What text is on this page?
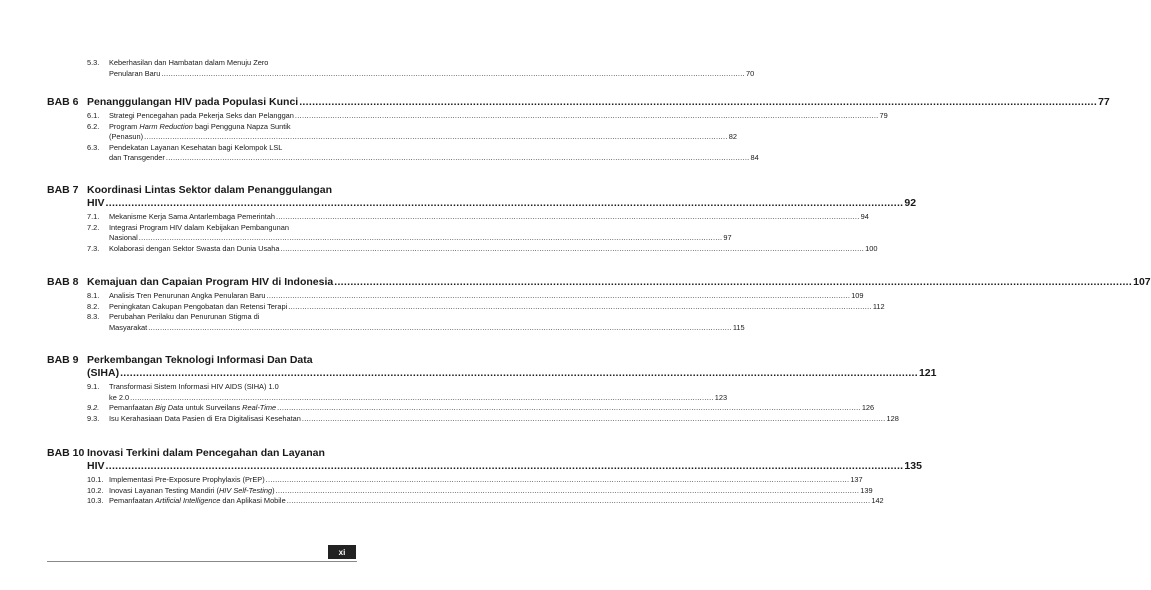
5.3.	Keberhasilan dan Hambatan dalam Menuju Zero
Penularan Baru .....	70
BAB 6 Penanggulangan HIV pada Populasi Kunci .....	77
6.1.	Strategi Pencegahan pada Pekerja Seks dan Pelanggan .....	79
6.2.	Program Harm Reduction bagi Pengguna Napza Suntik
(Penasun) .....	82
6.3.	Pendekatan Layanan Kesehatan bagi Kelompok LSL
dan Transgender .....	84
BAB 7 Koordinasi Lintas Sektor dalam Penanggulangan
HIV .....	92
7.1.	Mekanisme Kerja Sama Antarlembaga Pemerintah .....	94
7.2.	Integrasi Program HIV dalam Kebijakan Pembangunan
Nasional .....	97
7.3.	Kolaborasi dengan Sektor Swasta dan Dunia Usaha .....	100
BAB 8 Kemajuan dan Capaian Program HIV di Indonesia .....	107
8.1.	Analisis Tren Penurunan Angka Penularan Baru .....	109
8.2.	Peningkatan Cakupan Pengobatan dan Retensi Terapi .....	112
8.3.	Perubahan Perilaku dan Penurunan Stigma di
Masyarakat .....	115
BAB 9 Perkembangan Teknologi Informasi Dan Data
(SIHA) .....	121
9.1.	Transformasi Sistem Informasi HIV AIDS (SIHA) 1.0
ke 2.0 .....	123
9.2.	Pemanfaatan Big Data untuk Surveilans Real-Time .....	126
9.3.	Isu Kerahasiaan Data Pasien di Era Digitalisasi Kesehatan .....	128
BAB 10 Inovasi Terkini dalam Pencegahan dan Layanan
HIV .....	135
10.1. Implementasi Pre-Exposure Prophylaxis (PrEP) .....	137
10.2. Inovasi Layanan Testing Mandiri (HIV Self-Testing) .....	139
10.3. Pemanfaatan Artificial Intelligence dan Aplikasi Mobile .....	142
xi
